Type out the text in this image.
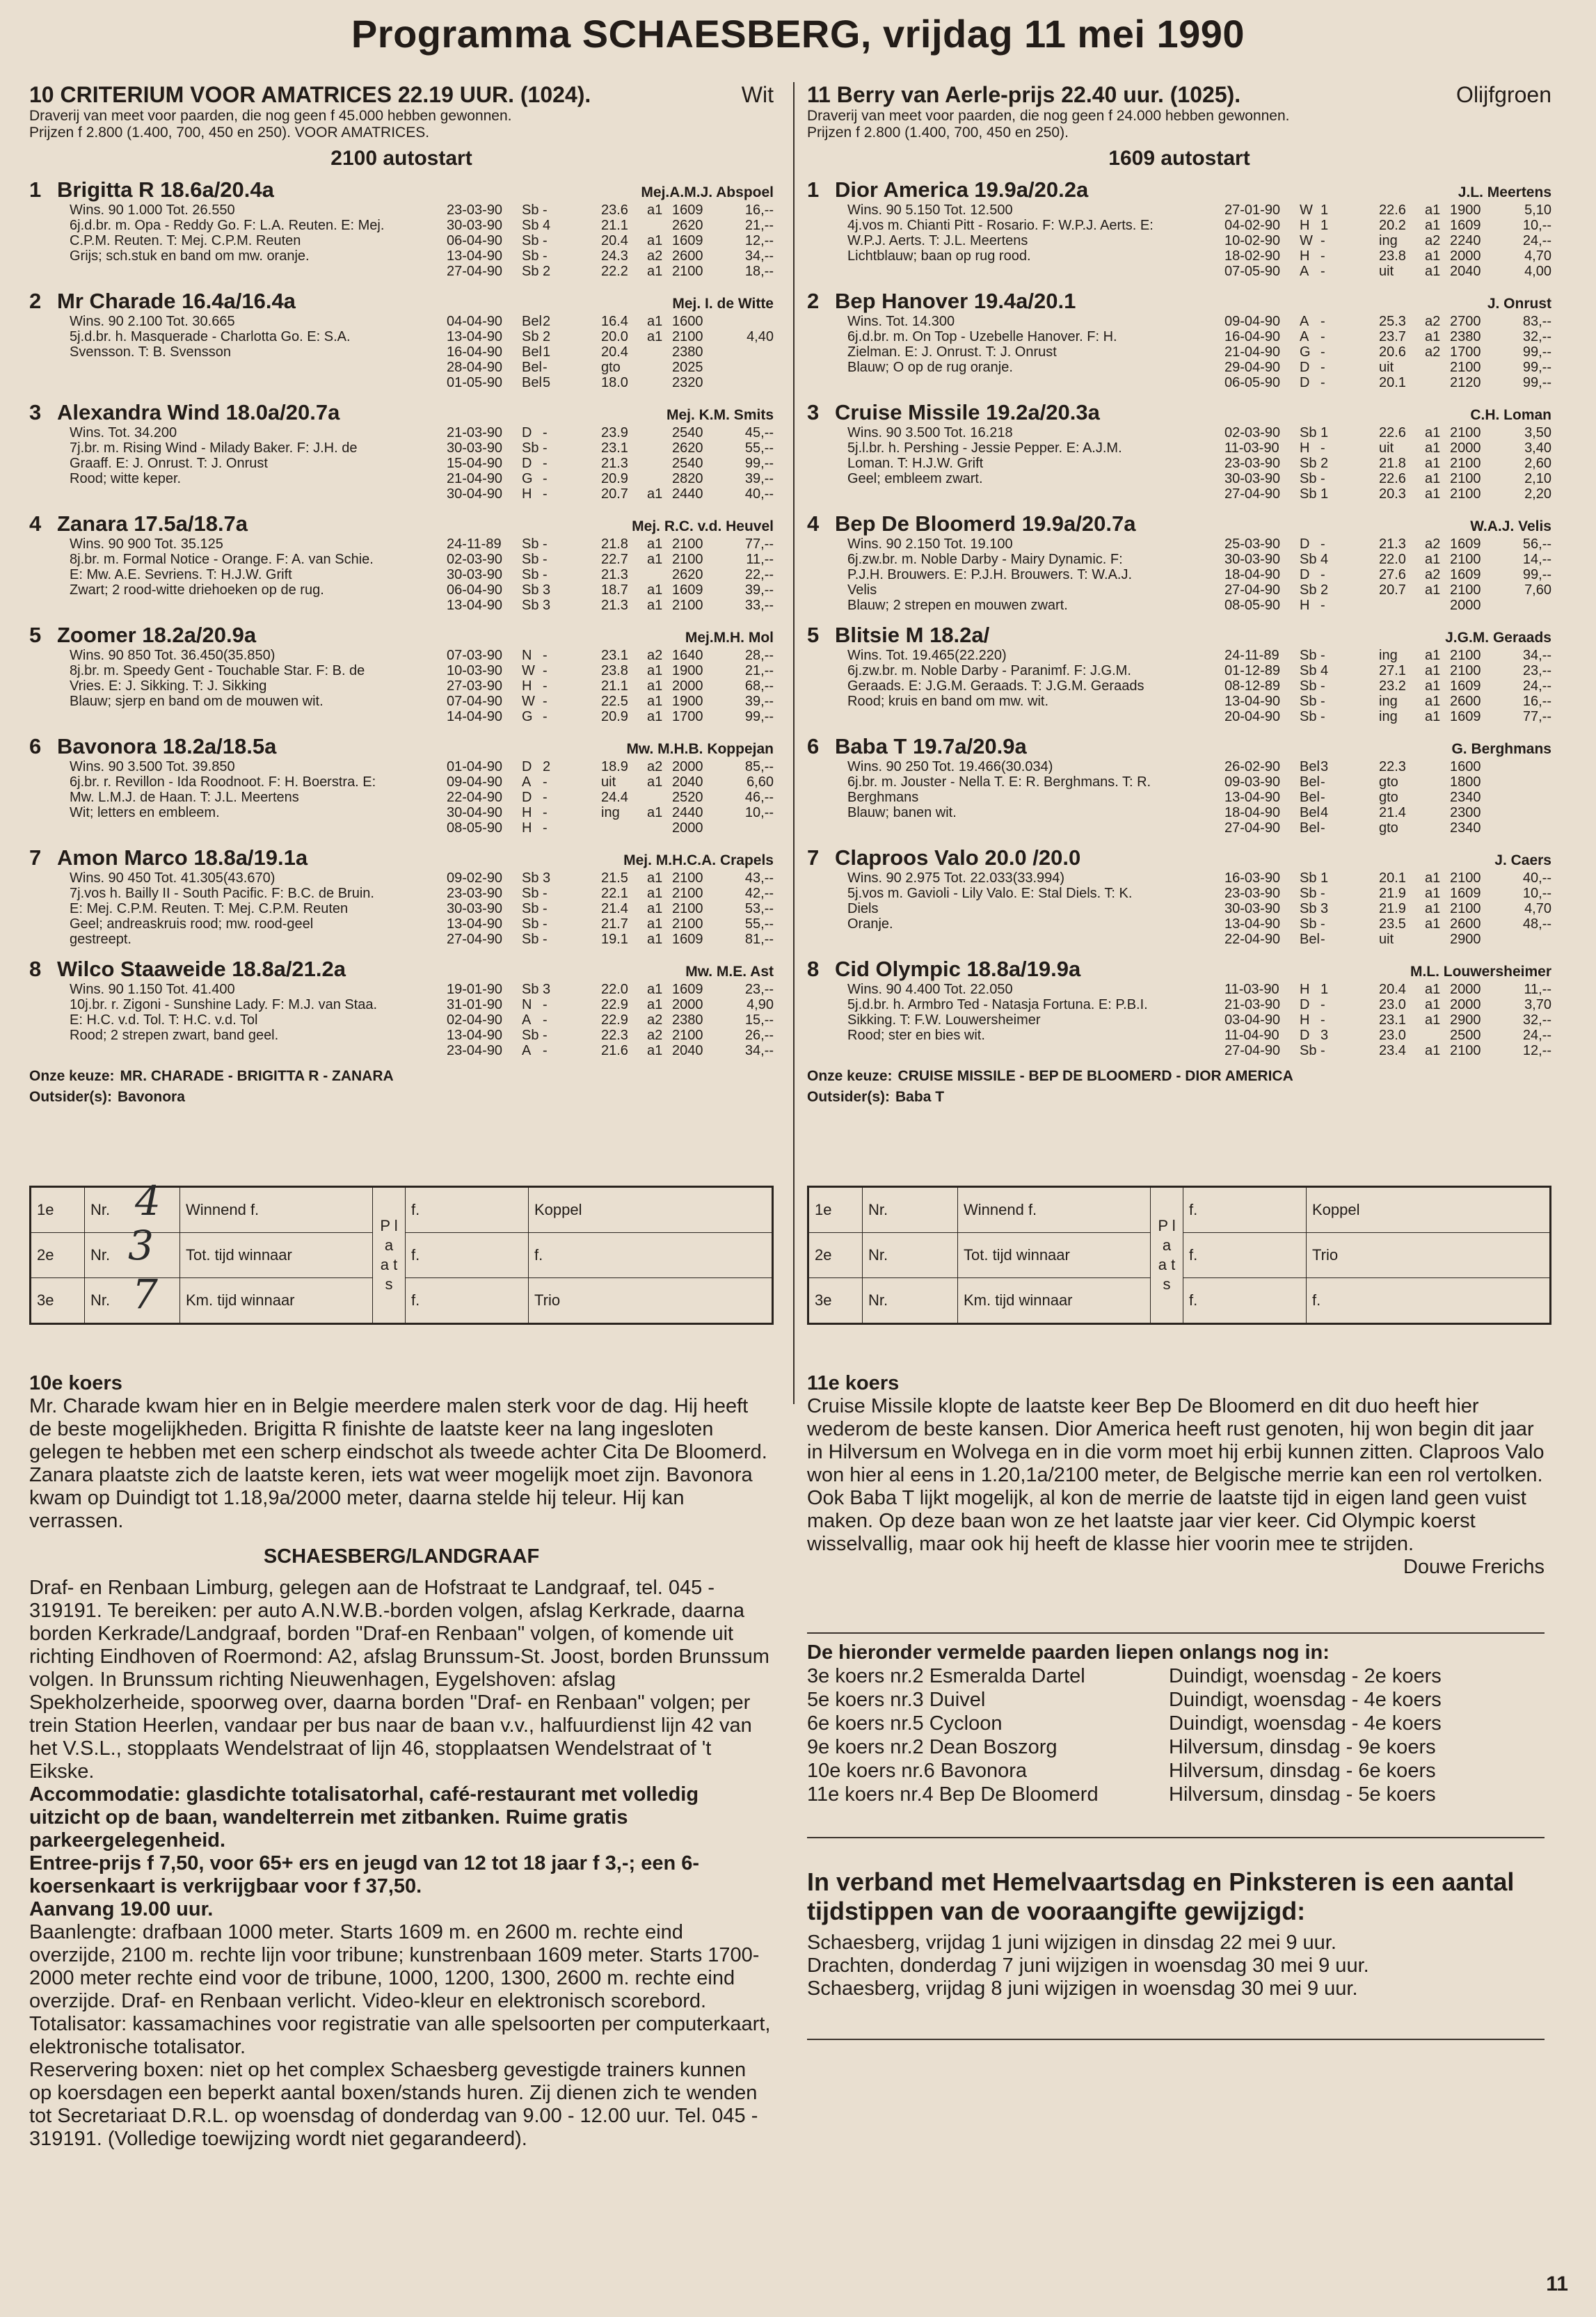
Programma SCHAESBERG, vrijdag 11 mei 1990
10 CRITERIUM VOOR AMATRICES 22.19 UUR. (1024).	Wit
Draverij van meet voor paarden, die nog geen f 45.000 hebben gewonnen.
Prijzen f 2.800 (1.400, 700, 450 en 250). VOOR AMATRICES.
2100 autostart
1 Brigitta R 18.6a/20.4a	Mej.A.M.J. Abspoel
Wins. 90 1.000 Tot. 26.550
6j.d.br. m. Opa - Reddy Go. F: L.A. Reuten. E: Mej.
C.P.M. Reuten. T: Mej. C.P.M. Reuten
Grijs; sch.stuk en band om mw. oranje.
23-03-90	Sb -	23.6	a1 1609	16,--
30-03-90	Sb 4	21.1	2620	21,--
06-04-90	Sb -	20.4	a1 1609	12,--
13-04-90	Sb -	24.3	a2 2600	34,--
27-04-90	Sb 2	22.2	a1 2100	18,--
2 Mr Charade 16.4a/16.4a	Mej. I. de Witte
Wins. 90 2.100 Tot. 30.665
5j.d.br. h. Masquerade - Charlotta Go. E: S.A.
Svensson. T: B. Svensson
04-04-90	Bel 2	16.4	a1 1600
13-04-90	Sb 2	20.0	a1 2100	4,40
16-04-90	Bel 1	20.4	2380
28-04-90	Bel -	gto	2025
01-05-90	Bel 5	18.0	2320
3 Alexandra Wind 18.0a/20.7a	Mej. K.M. Smits
Wins. Tot. 34.200
7j.br. m. Rising Wind - Milady Baker. F: J.H. de
Graaff. E: J. Onrust. T: J. Onrust
Rood; witte keper.
21-03-90	D -	23.9	2540	45,--
30-03-90	Sb -	23.1	2620	55,--
15-04-90	D -	21.3	2540	99,--
21-04-90	G -	20.9	2820	39,--
30-04-90	H -	20.7	a1 2440	40,--
4 Zanara 17.5a/18.7a	Mej. R.C. v.d. Heuvel
Wins. 90 900 Tot. 35.125
8j.br. m. Formal Notice - Orange. F: A. van Schie.
E: Mw. A.E. Sevriens. T: H.J.W. Grift
Zwart; 2 rood-witte driehoeken op de rug.
24-11-89	Sb -	21.8	a1 2100	77,--
02-03-90	Sb -	22.7	a1 2100	11,--
30-03-90	Sb -	21.3	2620	22,--
06-04-90	Sb 3	18.7	a1 1609	39,--
13-04-90	Sb 3	21.3	a1 2100	33,--
5 Zoomer 18.2a/20.9a	Mej.M.H. Mol
Wins. 90 850 Tot. 36.450(35.850)
8j.br. m. Speedy Gent - Touchable Star. F: B. de
Vries. E: J. Sikking. T: J. Sikking
Blauw; sjerp en band om de mouwen wit.
07-03-90	N -	23.1	a2 1640	28,--
10-03-90	W -	23.8	a1 1900	21,--
27-03-90	H -	21.1	a1 2000	68,--
07-04-90	W -	22.5	a1 1900	39,--
14-04-90	G -	20.9	a1 1700	99,--
6 Bavonora 18.2a/18.5a	Mw. M.H.B. Koppejan
Wins. 90 3.500 Tot. 39.850
6j.br. r. Revillon - Ida Roodnoot. F: H. Boerstra. E:
Mw. L.M.J. de Haan. T: J.L. Meertens
Wit; letters en embleem.
01-04-90	D 2	18.9	a2 2000	85,--
09-04-90	A -	uit	a1 2040	6,60
22-04-90	D -	24.4	2520	46,--
30-04-90	H -	ing	a1 2440	10,--
08-05-90	H -	2000
7 Amon Marco 18.8a/19.1a	Mej. M.H.C.A. Crapels
Wins. 90 450 Tot. 41.305(43.670)
7j.vos h. Bailly II - South Pacific. F: B.C. de Bruin.
E: Mej. C.P.M. Reuten. T: Mej. C.P.M. Reuten
Geel; andreaskruis rood; mw. rood-geel
gestreept.
09-02-90	Sb 3	21.5	a1 2100	43,--
23-03-90	Sb -	22.1	a1 2100	42,--
30-03-90	Sb -	21.4	a1 2100	53,--
13-04-90	Sb -	21.7	a1 2100	55,--
27-04-90	Sb -	19.1	a1 1609	81,--
8 Wilco Staaweide 18.8a/21.2a	Mw. M.E. Ast
Wins. 90 1.150 Tot. 41.400
10j.br. r. Zigoni - Sunshine Lady. F: M.J. van Staa.
E: H.C. v.d. Tol. T: H.C. v.d. Tol
Rood; 2 strepen zwart, band geel.
19-01-90	Sb 3	22.0	a1 1609	23,--
31-01-90	N -	22.9	a1 2000	4,90
02-04-90	A -	22.9	a2 2380	15,--
13-04-90	Sb -	22.3	a2 2100	26,--
23-04-90	A -	21.6	a1 2040	34,--
Onze keuze: MR. CHARADE - BRIGITTA R - ZANARA
Outsider(s): Bavonora
11 Berry van Aerle-prijs 22.40 uur. (1025).	Olijfgroen
Draverij van meet voor paarden, die nog geen f 24.000 hebben gewonnen.
Prijzen f 2.800 (1.400, 700, 450 en 250).
1609 autostart
1 Dior America 19.9a/20.2a	J.L. Meertens
Wins. 90 5.150 Tot. 12.500
4j.vos m. Chianti Pitt - Rosario. F: W.P.J. Aerts. E:
W.P.J. Aerts. T: J.L. Meertens
Lichtblauw; baan op rug rood.
27-01-90	W 1	22.6	a1 1900	5,10
04-02-90	H 1	20.2	a1 1609	10,--
10-02-90	W -	ing	a2 2240	24,--
18-02-90	H -	23.8	a1 2000	4,70
07-05-90	A -	uit	a1 2040	4,00
2 Bep Hanover 19.4a/20.1	J. Onrust
Wins. Tot. 14.300
6j.d.br. m. On Top - Uzebelle Hanover. F: H.
Zielman. E: J. Onrust. T: J. Onrust
Blauw; O op de rug oranje.
09-04-90	A -	25.3	a2 2700	83,--
16-04-90	A -	23.7	a1 2380	32,--
21-04-90	G -	20.6	a2 1700	99,--
29-04-90	D -	uit	2100	99,--
06-05-90	D -	20.1	2120	99,--
3 Cruise Missile 19.2a/20.3a	C.H. Loman
Wins. 90 3.500 Tot. 16.218
5j.l.br. h. Pershing - Jessie Pepper. E: A.J.M.
Loman. T: H.J.W. Grift
Geel; embleem zwart.
02-03-90	Sb 1	22.6	a1 2100	3,50
11-03-90	H -	uit	a1 2000	3,40
23-03-90	Sb 2	21.8	a1 2100	2,60
30-03-90	Sb -	22.6	a1 2100	2,10
27-04-90	Sb 1	20.3	a1 2100	2,20
4 Bep De Bloomerd 19.9a/20.7a	W.A.J. Velis
Wins. 90 2.150 Tot. 19.100
6j.zw.br. m. Noble Darby - Mairy Dynamic. F:
P.J.H. Brouwers. E: P.J.H. Brouwers. T: W.A.J.
Velis
Blauw; 2 strepen en mouwen zwart.
25-03-90	D -	21.3	a2 1609	56,--
30-03-90	Sb 4	22.0	a1 2100	14,--
18-04-90	D -	27.6	a2 1609	99,--
27-04-90	Sb 2	20.7	a1 2100	7,60
08-05-90	H -	2000
5 Blitsie M 18.2a/	J.G.M. Geraads
Wins. Tot. 19.465(22.220)
6j.zw.br. m. Noble Darby - Paranimf. F: J.G.M.
Geraads. E: J.G.M. Geraads. T: J.G.M. Geraads
Rood; kruis en band om mw. wit.
24-11-89	Sb -	ing	a1 2100	34,--
01-12-89	Sb 4	27.1	a1 2100	23,--
08-12-89	Sb -	23.2	a1 1609	24,--
13-04-90	Sb -	ing	a1 2600	16,--
20-04-90	Sb -	ing	a1 1609	77,--
6 Baba T 19.7a/20.9a	G. Berghmans
Wins. 90 250 Tot. 19.466(30.034)
6j.br. m. Jouster - Nella T. E: R. Berghmans. T: R.
Berghmans
Blauw; banen wit.
26-02-90	Bel 3	22.3	1600
09-03-90	Bel -	gto	1800
13-04-90	Bel -	gto	2340
18-04-90	Bel 4	21.4	2300
27-04-90	Bel -	gto	2340
7 Claproos Valo 20.0 /20.0	J. Caers
Wins. 90 2.975 Tot. 22.033(33.994)
5j.vos m. Gavioli - Lily Valo. E: Stal Diels. T: K.
Diels
Oranje.
16-03-90	Sb 1	20.1	a1 2100	40,--
23-03-90	Sb -	21.9	a1 1609	10,--
30-03-90	Sb 3	21.9	a1 2100	4,70
13-04-90	Sb -	23.5	a1 2600	48,--
22-04-90	Bel -	uit	2900
8 Cid Olympic 18.8a/19.9a	M.L. Louwersheimer
Wins. 90 4.400 Tot. 22.050
5j.d.br. h. Armbro Ted - Natasja Fortuna. E: P.B.I.
Sikking. T: F.W. Louwersheimer
Rood; ster en bies wit.
11-03-90	H 1	20.4	a1 2000	11,--
21-03-90	D -	23.0	a1 2000	3,70
03-04-90	H -	23.1	a1 2900	32,--
11-04-90	D 3	23.0	2500	24,--
27-04-90	Sb -	23.4	a1 2100	12,--
Onze keuze: CRUISE MISSILE - BEP DE BLOOMERD - DIOR AMERICA
Outsider(s): Baba T
1e	Nr.	Winnend f.	P l a a t s	f.	Koppel
2e	Nr.	Tot. tijd winnaar		f.	f.
3e	Nr.	Km. tijd winnaar		f.	Trio
4
3
7
1e	Nr.	Winnend f.	P l a a t s	f.	Koppel
2e	Nr.	Tot. tijd winnaar		f.	Trio
3e	Nr.	Km. tijd winnaar		f.	f.
10e koers

Mr. Charade kwam hier en in Belgie meerdere malen sterk voor de dag. Hij heeft de beste mogelijkheden. Brigitta R finishte de laatste keer na lang ingesloten gelegen te hebben met een scherp eindschot als tweede achter Cita De Bloomerd. Zanara plaatste zich de laatste keren, iets wat weer mogelijk moet zijn. Bavonora kwam op Duindigt tot 1.18,9a/2000 meter, daarna stelde hij teleur. Hij kan verrassen.

SCHAESBERG/LANDGRAAF

Draf- en Renbaan Limburg, gelegen aan de Hofstraat te Landgraaf, tel. 045 - 319191. Te bereiken: per auto A.N.W.B.-borden volgen, afslag Kerkrade, daarna borden Kerkrade/Landgraaf, borden "Draf-en Renbaan" volgen, of komende uit richting Eindhoven of Roermond: A2, afslag Brunssum-St. Joost, borden Brunssum volgen. In Brunssum richting Nieuwenhagen, Eygelshoven: afslag Spekholzerheide, spoorweg over, daarna borden "Draf- en Renbaan" volgen; per trein Station Heerlen, vandaar per bus naar de baan v.v., halfuurdienst lijn 42 van het V.S.L., stopplaats Wendelstraat of lijn 46, stopplaatsen Wendelstraat of 't Eikske.

Accommodatie: glasdichte totalisatorhal, café-restaurant met volledig uitzicht op de baan, wandelterrein met zitbanken. Ruime gratis parkeergelegenheid.

Entree-prijs f 7,50, voor 65+ ers en jeugd van 12 tot 18 jaar f 3,-; een 6-koersenkaart is verkrijgbaar voor f 37,50.

Aanvang 19.00 uur.

Baanlengte: drafbaan 1000 meter. Starts 1609 m. en 2600 m. rechte eind overzijde, 2100 m. rechte lijn voor tribune; kunstrenbaan 1609 meter. Starts 1700-2000 meter rechte eind voor de tribune, 1000, 1200, 1300, 2600 m. rechte eind overzijde. Draf- en Renbaan verlicht. Video-kleur en elektronisch scorebord.

Totalisator: kassamachines voor registratie van alle spelsoorten per computerkaart, elektronische totalisator.

Reservering boxen: niet op het complex Schaesberg gevestigde trainers kunnen op koersdagen een beperkt aantal boxen/stands huren. Zij dienen zich te wenden tot Secretariaat D.R.L. op woensdag of donderdag van 9.00 - 12.00 uur. Tel. 045 - 319191. (Volledige toewijzing wordt niet gegarandeerd).

11e koers

Cruise Missile klopte de laatste keer Bep De Bloomerd en dit duo heeft hier wederom de beste kansen. Dior America heeft rust genoten, hij won begin dit jaar in Hilversum en Wolvega en in die vorm moet hij erbij kunnen zitten. Claproos Valo won hier al eens in 1.20,1a/2100 meter, de Belgische merrie kan een rol vertolken. Ook Baba T lijkt mogelijk, al kon de merrie de laatste tijd in eigen land geen vuist maken. Op deze baan won ze het laatste jaar vier keer. Cid Olympic koerst wisselvallig, maar ook hij heeft de klasse hier voorin mee te strijden.

Douwe Frerichs

De hieronder vermelde paarden liepen onlangs nog in:
3e koers nr.2 Esmeralda Dartel	Duindigt, woensdag - 2e koers
5e koers nr.3 Duivel	Duindigt, woensdag - 4e koers
6e koers nr.5 Cycloon	Duindigt, woensdag - 4e koers
9e koers nr.2 Dean Boszorg	Hilversum, dinsdag - 9e koers
10e koers nr.6 Bavonora	Hilversum, dinsdag - 6e koers
11e koers nr.4 Bep De Bloomerd	Hilversum, dinsdag - 5e koers
In verband met Hemelvaartsdag en Pinksteren is een aantal tijdstippen van de vooraangifte gewijzigd:

Schaesberg, vrijdag 1 juni wijzigen in dinsdag 22 mei 9 uur.

Drachten, donderdag 7 juni wijzigen in woensdag 30 mei 9 uur.

Schaesberg, vrijdag 8 juni wijzigen in woensdag 30 mei 9 uur.

11
